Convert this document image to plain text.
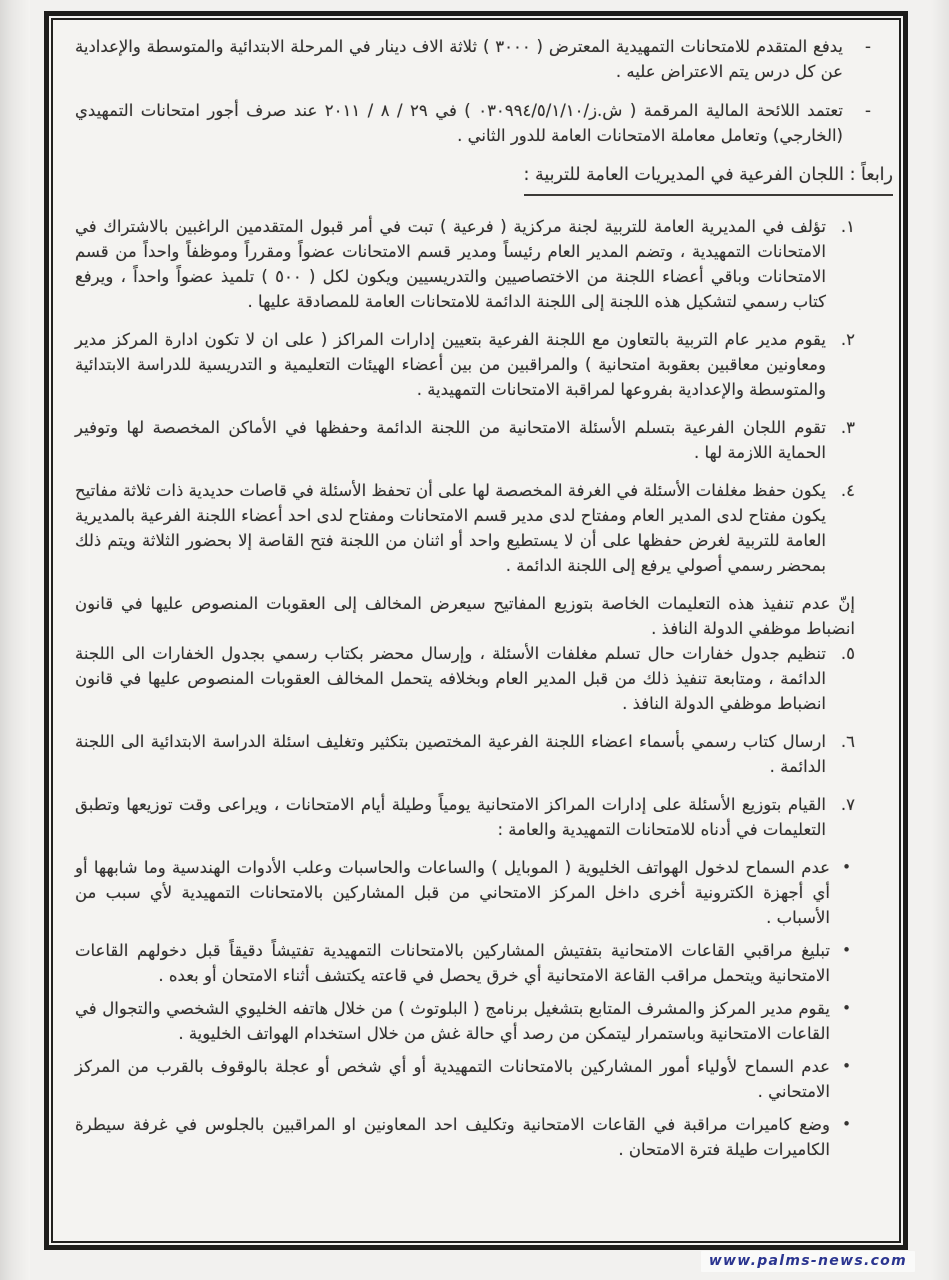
-

يدفع المتقدم للامتحانات التمهيدية المعترض ( ٣٠٠٠ ) ثلاثة الاف دينار في المرحلة الابتدائية والمتوسطة والإعدادية عن كل درس يتم الاعتراض عليه .

-

تعتمد اللائحة المالية المرقمة ( ش.ز/٠٣٠٩٩٤/٥/١/١٠ ) في ٢٩ / ٨ / ٢٠١١ عند صرف أجور امتحانات التمهيدي (الخارجي) وتعامل معاملة الامتحانات العامة للدور الثاني .

رابعاً : اللجان الفرعية في المديريات العامة للتربية :
١.

تؤلف في المديرية العامة للتربية لجنة مركزية ( فرعية ) تبت في أمر قبول المتقدمين الراغبين بالاشتراك في الامتحانات التمهيدية ، وتضم المدير العام رئيساً ومدير قسم الامتحانات عضواً ومقرراً وموظفاً واحداً من قسم الامتحانات وباقي أعضاء اللجنة من الاختصاصيين والتدريسيين ويكون لكل ( ٥٠٠ ) تلميذ عضواً واحداً ، ويرفع كتاب رسمي لتشكيل هذه اللجنة إلى اللجنة الدائمة للامتحانات العامة للمصادقة عليها .

٢.

يقوم مدير عام التربية بالتعاون مع اللجنة الفرعية بتعيين إدارات المراكز ( على ان لا تكون ادارة المركز مدير ومعاونين معاقبين بعقوبة امتحانية ) والمراقبين من بين أعضاء الهيئات التعليمية و التدريسية للدراسة الابتدائية والمتوسطة والإعدادية بفروعها لمراقبة الامتحانات التمهيدية .

٣.

تقوم اللجان الفرعية بتسلم الأسئلة الامتحانية من اللجنة الدائمة وحفظها في الأماكن المخصصة لها وتوفير الحماية اللازمة لها .

٤.

يكون حفظ مغلفات الأسئلة في الغرفة المخصصة لها على أن تحفظ الأسئلة في قاصات حديدية ذات ثلاثة مفاتيح يكون مفتاح لدى المدير العام ومفتاح لدى مدير قسم الامتحانات ومفتاح لدى احد أعضاء اللجنة الفرعية بالمديرية العامة للتربية لغرض حفظها على أن لا يستطيع واحد أو اثنان من اللجنة فتح القاصة إلا بحضور الثلاثة ويتم ذلك بمحضر رسمي أصولي يرفع إلى اللجنة الدائمة .

إنّ عدم تنفيذ هذه التعليمات الخاصة بتوزيع المفاتيح سيعرض المخالف إلى العقوبات المنصوص عليها في قانون انضباط موظفي الدولة النافذ .

٥.

تنظيم جدول خفارات حال تسلم مغلفات الأسئلة ، وإرسال محضر بكتاب رسمي بجدول الخفارات الى اللجنة الدائمة ، ومتابعة تنفيذ ذلك من قبل المدير العام وبخلافه يتحمل المخالف العقوبات المنصوص عليها في قانون انضباط موظفي الدولة النافذ .

٦.

ارسال كتاب رسمي بأسماء اعضاء اللجنة الفرعية المختصين بتكثير وتغليف اسئلة الدراسة الابتدائية الى اللجنة الدائمة .

٧.

القيام بتوزيع الأسئلة على إدارات المراكز الامتحانية يومياً وطيلة أيام الامتحانات ، ويراعى وقت توزيعها وتطبق التعليمات في أدناه للامتحانات التمهيدية والعامة :

•

عدم السماح لدخول الهواتف الخليوية ( الموبايل ) والساعات والحاسبات وعلب الأدوات الهندسية وما شابهها أو أي أجهزة الكترونية أخرى داخل المركز الامتحاني من قبل المشاركين بالامتحانات التمهيدية لأي سبب من الأسباب .

•

تبليغ مراقبي القاعات الامتحانية بتفتيش المشاركين بالامتحانات التمهيدية تفتيشاً دقيقاً قبل دخولهم القاعات الامتحانية ويتحمل مراقب القاعة الامتحانية أي خرق يحصل في قاعته يكتشف أثناء الامتحان أو بعده .

•

يقوم مدير المركز والمشرف المتابع بتشغيل برنامج ( البلوتوث ) من خلال هاتفه الخليوي الشخصي والتجوال في القاعات الامتحانية وباستمرار ليتمكن من رصد أي حالة غش من خلال استخدام الهواتف الخليوية .

•

عدم السماح لأولياء أمور المشاركين بالامتحانات التمهيدية أو أي شخص أو عجلة بالوقوف بالقرب من المركز الامتحاني .

•

وضع كاميرات مراقبة في القاعات الامتحانية وتكليف احد المعاونين او المراقبين بالجلوس في غرفة سيطرة الكاميرات طيلة فترة الامتحان .

www.palms-news.com
